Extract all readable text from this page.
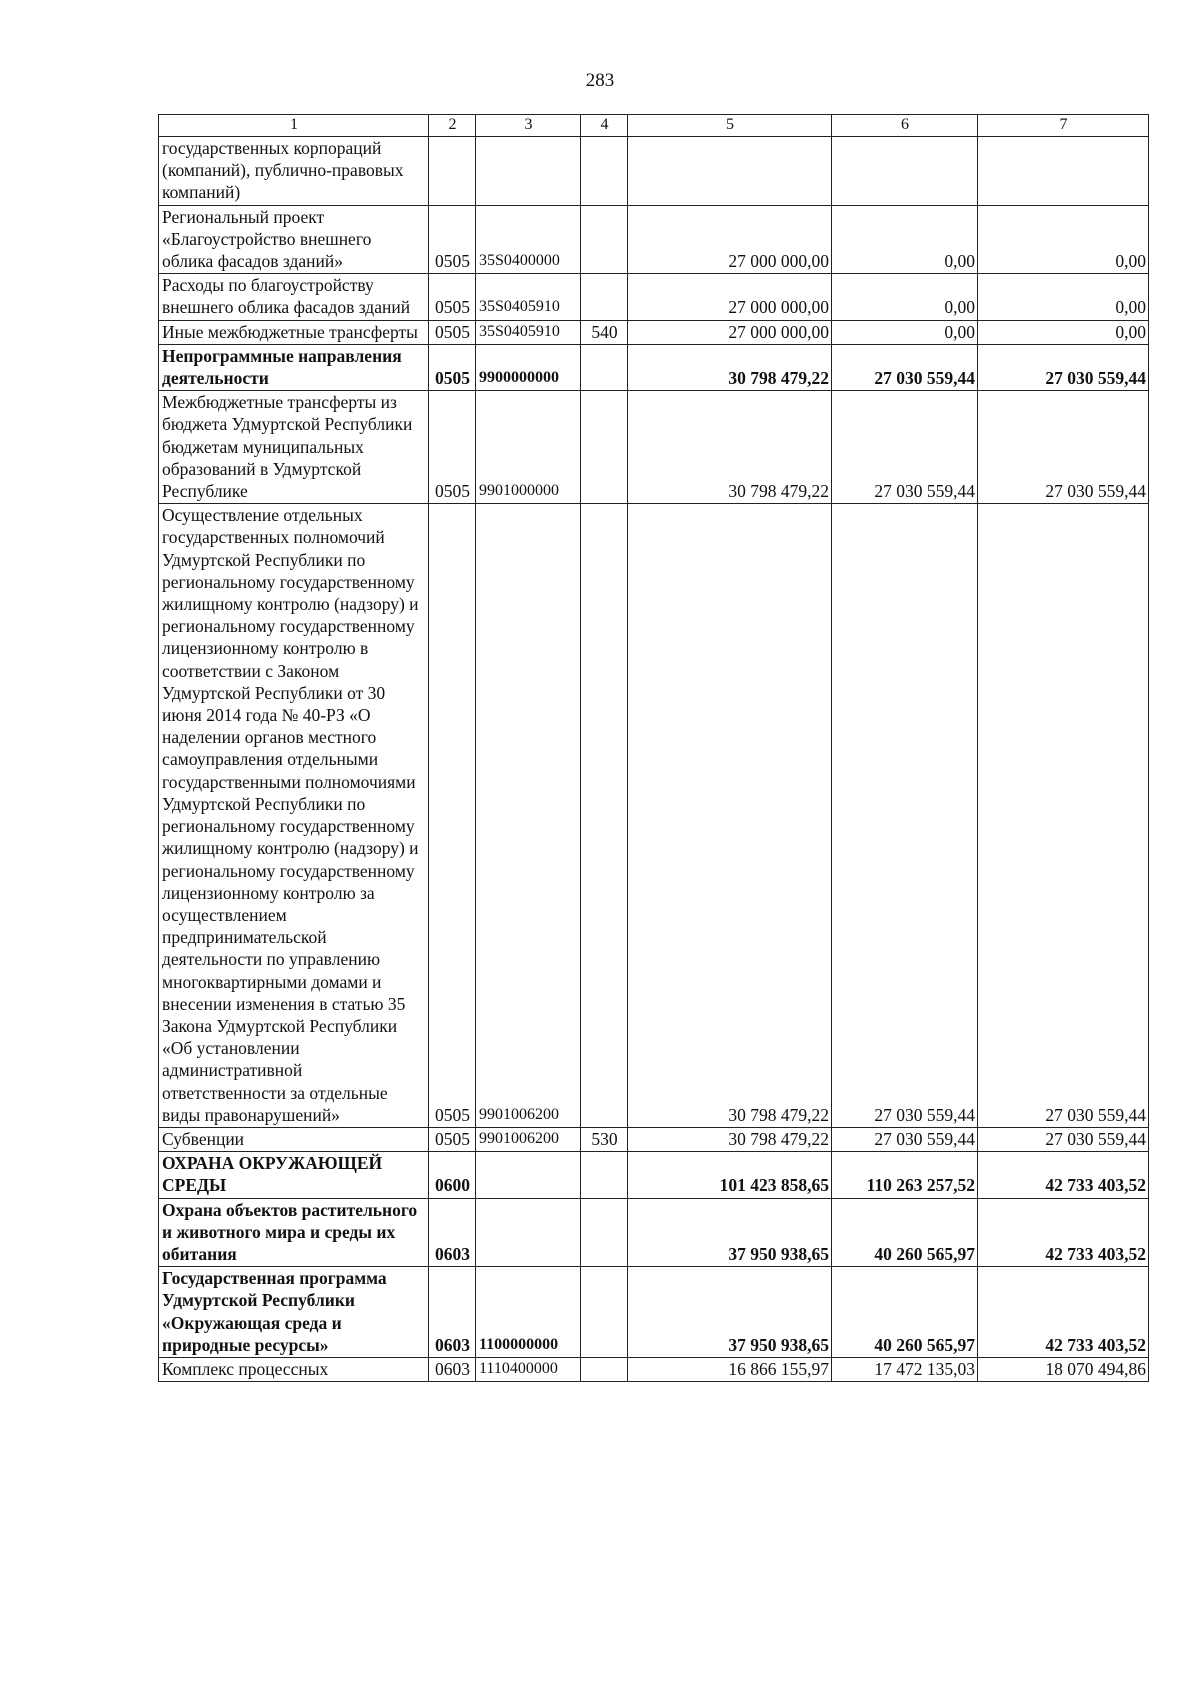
283
1	2	3	4	5	6	7
государственных корпораций (компаний), публично-правовых компаний)						
Региональный проект «Благоустройство внешнего облика фасадов зданий»	0505	35S0400000		27 000 000,00	0,00	0,00
Расходы по благоустройству внешнего облика фасадов зданий	0505	35S0405910		27 000 000,00	0,00	0,00
Иные межбюджетные трансферты	0505	35S0405910	540	27 000 000,00	0,00	0,00
Непрограммные направления деятельности	0505	9900000000		30 798 479,22	27 030 559,44	27 030 559,44
Межбюджетные трансферты из бюджета Удмуртской Республики бюджетам муниципальных образований в Удмуртской Республике	0505	9901000000		30 798 479,22	27 030 559,44	27 030 559,44
Осуществление отдельных государственных полномочий Удмуртской Республики по региональному государственному жилищному контролю (надзору) и региональному государственному лицензионному контролю в соответствии с Законом Удмуртской Республики от 30 июня 2014 года № 40-РЗ «О наделении органов местного самоуправления отдельными государственными полномочиями Удмуртской Республики по региональному государственному жилищному контролю (надзору) и региональному государственному лицензионному контролю за осуществлением предпринимательской деятельности по управлению многоквартирными домами и внесении изменения в статью 35 Закона Удмуртской Республики «Об установлении административной ответственности за отдельные виды правонарушений»	0505	9901006200		30 798 479,22	27 030 559,44	27 030 559,44
Субвенции	0505	9901006200	530	30 798 479,22	27 030 559,44	27 030 559,44
ОХРАНА ОКРУЖАЮЩЕЙ СРЕДЫ	0600			101 423 858,65	110 263 257,52	42 733 403,52
Охрана объектов растительного и животного мира и среды их обитания	0603			37 950 938,65	40 260 565,97	42 733 403,52
Государственная программа Удмуртской Республики «Окружающая среда и природные ресурсы»	0603	1100000000		37 950 938,65	40 260 565,97	42 733 403,52
Комплекс процессных	0603	1110400000		16 866 155,97	17 472 135,03	18 070 494,86
